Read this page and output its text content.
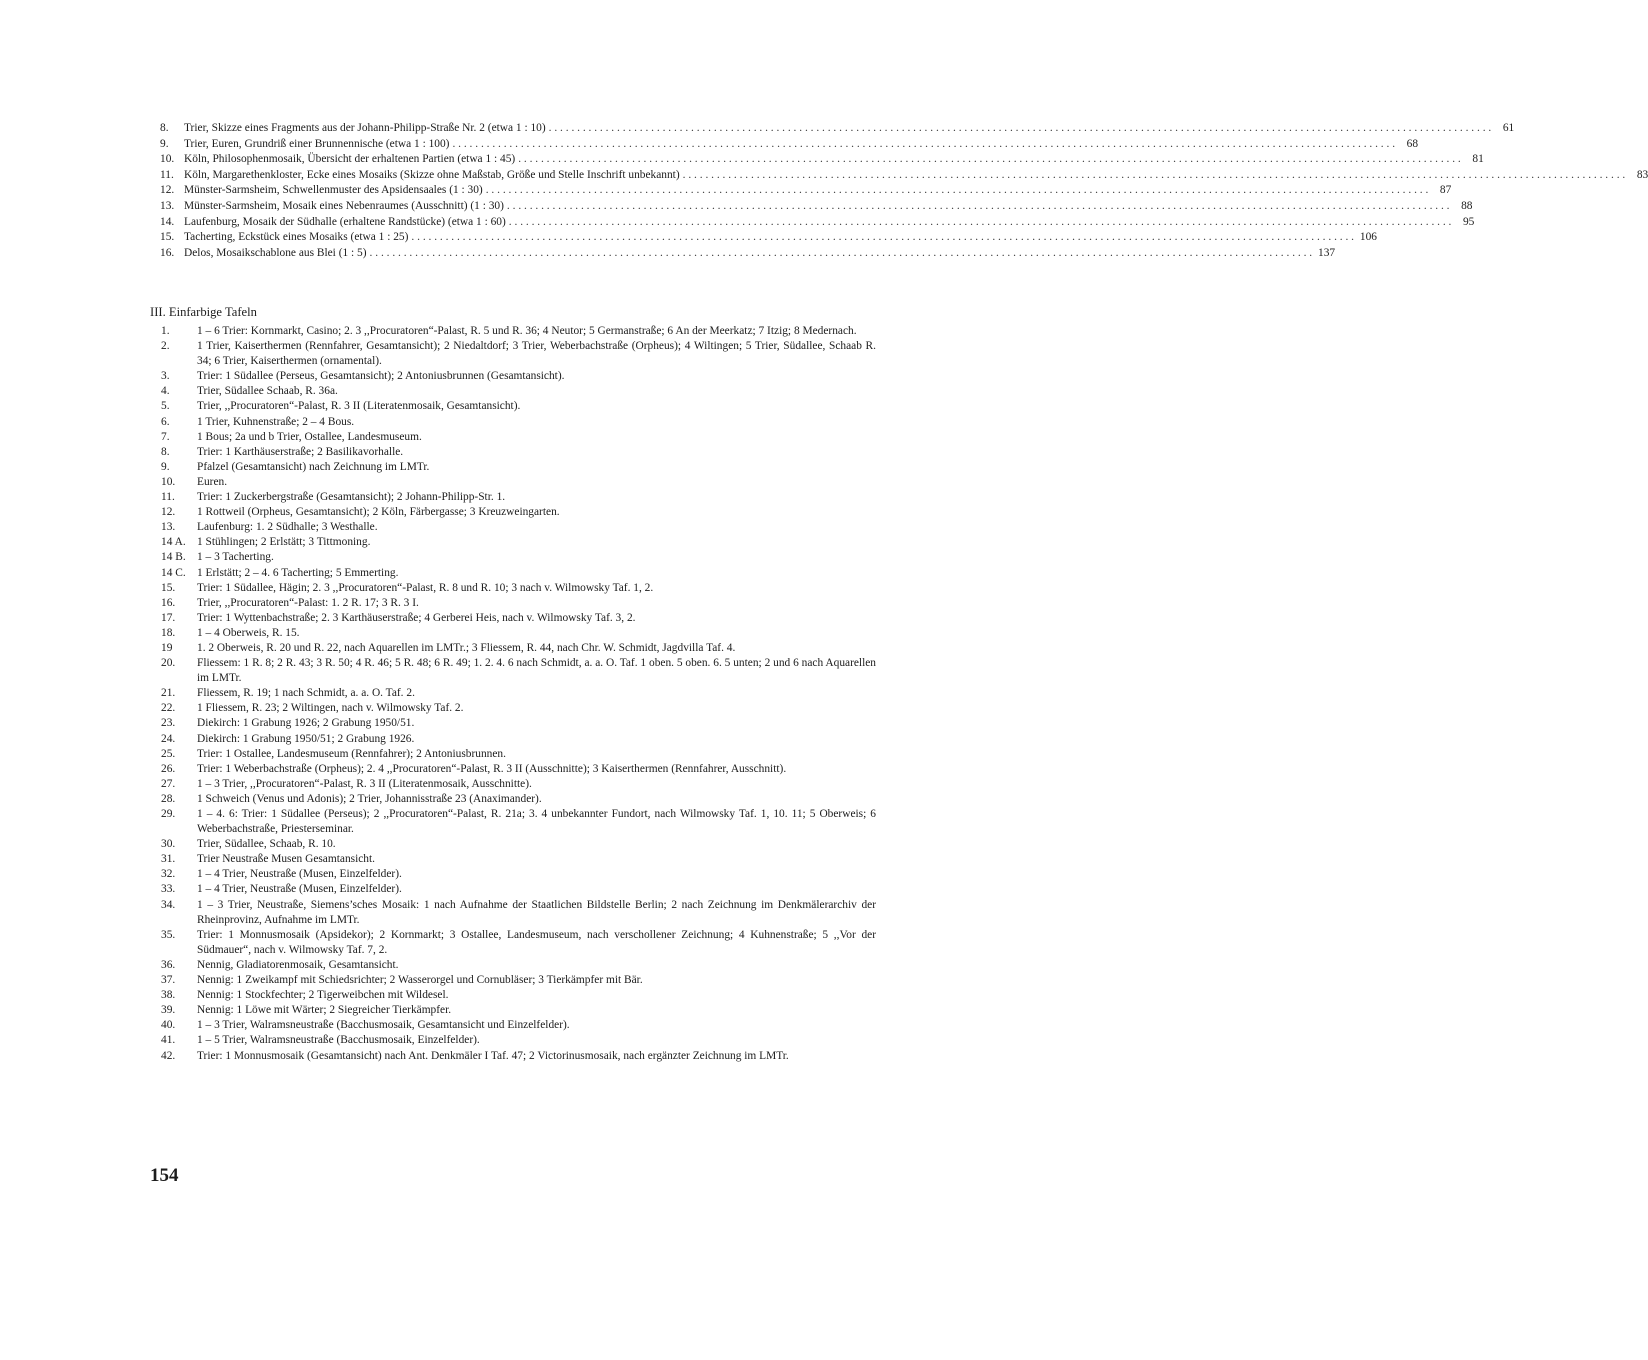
8.	Trier, Skizze eines Fragments aus der Johann-Philipp-Straße Nr. 2 (etwa 1 : 10) . . .	61
9.	Trier, Euren, Grundriß einer Brunnennische (etwa 1 : 100) . . .	68
10. Köln, Philosophenmosaik, Übersicht der erhaltenen Partien (etwa 1 : 45) . . .	81
11. Köln, Margarethenkloster, Ecke eines Mosaiks (Skizze ohne Maßstab, Größe und Stelle Inschrift unbekannt) . . .	83
12. Münster-Sarmsheim, Schwellenmuster des Apsidensaales (1 : 30) . . .	87
13. Münster-Sarmsheim, Mosaik eines Nebenraumes (Ausschnitt) (1 : 30) . . .	88
14. Laufenburg, Mosaik der Südhalle (erhaltene Randstücke) (etwa 1 : 60) . . .	95
15. Tacherting, Eckstück eines Mosaiks (etwa 1 : 25) . . .	106
16. Delos, Mosaikschablone aus Blei (1 : 5) . . .	137
III. Einfarbige Tafeln
1.	1 – 6 Trier: Kornmarkt, Casino; 2. 3 ,,Procuratoren“-Palast, R. 5 und R. 36; 4 Neutor; 5 Germanstraße; 6 An der Meerkatz; 7 Itzig; 8 Medernach.
2.	1 Trier, Kaiserthermen (Rennfahrer, Gesamtansicht); 2 Niedaltdorf; 3 Trier, Weberbachstraße (Orpheus); 4 Wiltingen; 5 Trier, Südallee, Schaab R. 34; 6 Trier, Kaiserthermen (ornamental).
3.	Trier: 1 Südallee (Perseus, Gesamtansicht); 2 Antoniusbrunnen (Gesamtansicht).
4.	Trier, Südallee Schaab, R. 36a.
5.	Trier, ,,Procuratoren“-Palast, R. 3 II (Literatenmosaik, Gesamtansicht).
6.	1 Trier, Kuhnenstraße; 2 – 4 Bous.
7.	1 Bous; 2a und b Trier, Ostallee, Landesmuseum.
8.	Trier: 1 Karthäuserstraße; 2 Basilikavorhalle.
9.	Pfalzel (Gesamtansicht) nach Zeichnung im LMTr.
10.	Euren.
11.	Trier: 1 Zuckerbergstraße (Gesamtansicht); 2 Johann-Philipp-Str. 1.
12.	1 Rottweil (Orpheus, Gesamtansicht); 2 Köln, Färbergasse; 3 Kreuzweingarten.
13.	Laufenburg: 1. 2 Südhalle; 3 Westhalle.
14 A. 1 Stühlingen; 2 Erlstätt; 3 Tittmoning.
14 B. 1 – 3 Tacherting.
14 C. 1 Erlstätt; 2 – 4. 6 Tacherting; 5 Emmerting.
15.	Trier: 1 Südallee, Hägin; 2. 3 ,,Procuratoren“-Palast, R. 8 und R. 10; 3 nach v. Wilmowsky Taf. 1, 2.
16.	Trier, ,,Procuratoren“-Palast: 1. 2 R. 17; 3 R. 3 I.
17.	Trier: 1 Wyttenbachstraße; 2. 3 Karthäuserstraße; 4 Gerberei Heis, nach v. Wilmowsky Taf. 3, 2.
18.	1 – 4 Oberweis, R. 15.
19	1. 2 Oberweis, R. 20 und R. 22, nach Aquarellen im LMTr.; 3 Fliessem, R. 44, nach Chr. W. Schmidt, Jagdvilla Taf. 4.
20.	Fliessem: 1 R. 8; 2 R. 43; 3 R. 50; 4 R. 46; 5 R. 48; 6 R. 49; 1. 2. 4. 6 nach Schmidt, a. a. O. Taf. 1 oben. 5 oben. 6. 5 unten; 2 und 6 nach Aquarellen im LMTr.
21.	Fliessem, R. 19; 1 nach Schmidt, a. a. O. Taf. 2.
22.	1 Fliessem, R. 23; 2 Wiltingen, nach v. Wilmowsky Taf. 2.
23.	Diekirch: 1 Grabung 1926; 2 Grabung 1950/51.
24.	Diekirch: 1 Grabung 1950/51; 2 Grabung 1926.
25.	Trier: 1 Ostallee, Landesmuseum (Rennfahrer); 2 Antoniusbrunnen.
26.	Trier: 1 Weberbachstraße (Orpheus); 2. 4 ,,Procuratoren“-Palast, R. 3 II (Ausschnitte); 3 Kaiserthermen (Rennfahrer, Ausschnitt).
27.	1 – 3 Trier, ,,Procuratoren“-Palast, R. 3 II (Literatenmosaik, Ausschnitte).
28.	1 Schweich (Venus und Adonis); 2 Trier, Johannisstraße 23 (Anaximander).
29.	1 – 4. 6: Trier: 1 Südallee (Perseus); 2 ,,Procuratoren“-Palast, R. 21a; 3. 4 unbekannter Fundort, nach Wilmowsky Taf. 1, 10. 11; 5 Oberweis; 6 Weberbachstraße, Priesterseminar.
30.	Trier, Südallee, Schaab, R. 10.
31.	Trier Neustraße Musen Gesamtansicht.
32.	1 – 4 Trier, Neustraße (Musen, Einzelfelder).
33.	1 – 4 Trier, Neustraße (Musen, Einzelfelder).
34.	1 – 3 Trier, Neustraße, Siemens’sches Mosaik: 1 nach Aufnahme der Staatlichen Bildstelle Berlin; 2 nach Zeichnung im Denkmälerarchiv der Rheinprovinz, Aufnahme im LMTr.
35.	Trier: 1 Monnusmosaik (Apsidekor); 2 Kornmarkt; 3 Ostallee, Landesmuseum, nach verschollener Zeichnung; 4 Kuhnenstraße; 5 ,,Vor der Südmauer“, nach v. Wilmowsky Taf. 7, 2.
36.	Nennig, Gladiatorenmosaik, Gesamtansicht.
37.	Nennig: 1 Zweikampf mit Schiedsrichter; 2 Wasserorgel und Cornubläser; 3 Tierkämpfer mit Bär.
38.	Nennig: 1 Stockfechter; 2 Tigerweibchen mit Wildesel.
39.	Nennig: 1 Löwe mit Wärter; 2 Siegreicher Tierkämpfer.
40.	1 – 3 Trier, Walramsneustraße (Bacchusmosaik, Gesamtansicht und Einzelfelder).
41.	1 – 5 Trier, Walramsneustraße (Bacchusmosaik, Einzelfelder).
42.	Trier: 1 Monnusmosaik (Gesamtansicht) nach Ant. Denkmäler I Taf. 47; 2 Victorinusmosaik, nach ergänzter Zeichnung im LMTr.
154
